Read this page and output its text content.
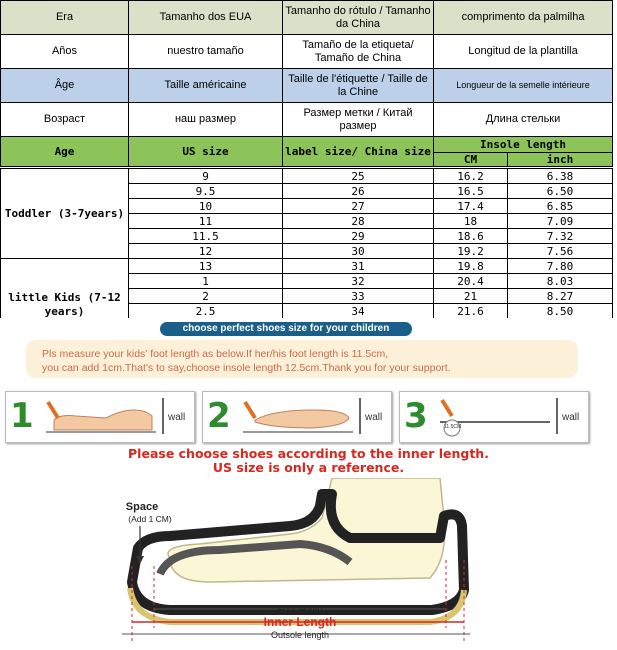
Era	Tamanho dos EUA	Tamanho do rótulo / Tamanho da China	comprimento da palmilha	
Años	nuestro tamaño	Tamaño de la etiqueta/ Tamaño de China	Longitud de la plantilla	
Âge	Taille américaine	Taille de l'étiquette / Taille de la Chine	Longueur de la semelle intérieure	
Возраст	наш размер	Размер метки / Китай размер	Длина стельки	
Age	US size	label size/ China size	Insole length	
			CM	inch
Toddler (3-7years)	9	25	16.2	6.38
	9.5	26	16.5	6.50
	10	27	17.4	6.85
	11	28	18	7.09
	11.5	29	18.6	7.32
	12	30	19.2	7.56

little Kids (7-12 years)	13	31	19.8	7.80
	1	32	20.4	8.03
	2	33	21	8.27
	2.5	34	21.6	8.50
choose perfect shoes size for your children
Pls measure your kids' foot length as below.If her/his foot length is 11.5cm,
you can add 1cm.That's to say,choose insole length 12.5cm.Thank you for your support.
1	wall 2	wall 3	11.5CM
wall
Please choose shoes according to the inner length.
US size is only a reference.
Foot length
Inner Length
Outsole length
Space
(Add 1 CM)
